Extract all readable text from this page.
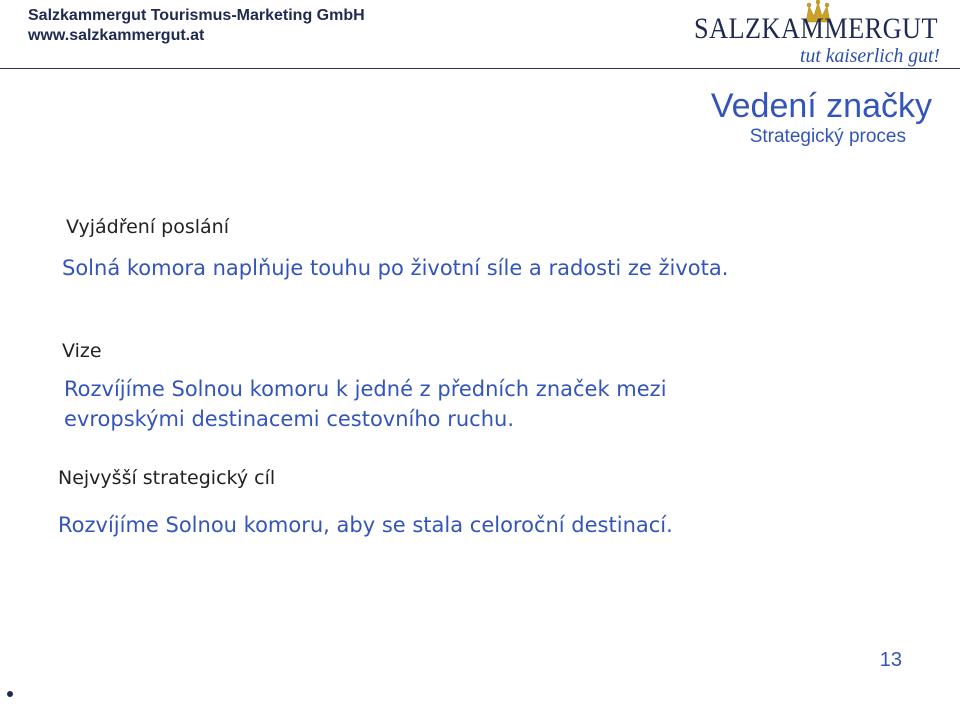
Salzkammergut Tourismus-Marketing GmbH
www.salzkammergut.at	SALZKAMMERGUT
tut kaiserlich gut!
Vedení značky
Strategický proces
Vyjádření poslání
Solná komora naplňuje touhu po životní síle a radosti ze života.
Vize
Rozvíjíme Solnou komoru k jedné z předních značek mezi
evropskými destinacemi cestovního ruchu.
Nejvyšší strategický cíl
Rozvíjíme Solnou komoru, aby se stala celoroční destinací.
13
